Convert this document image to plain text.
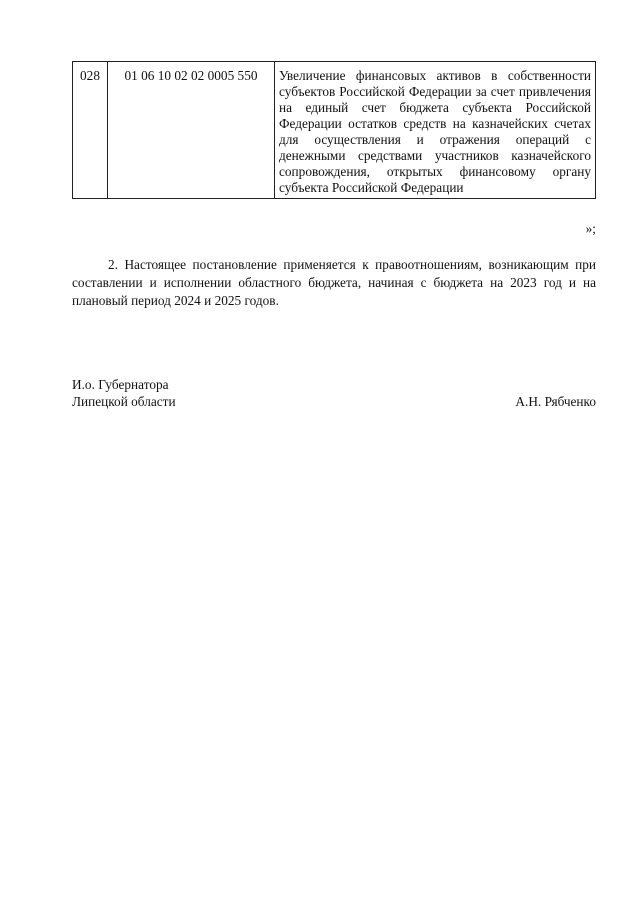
028	01 06 10 02 02 0005 550	Увеличение финансовых активов в собственности субъектов Российской Федерации за счет привлечения на единый счет бюджета субъекта Российской Федерации остатков средств на казначейских счетах для осуществления и отражения операций с денежными средствами участников казначейского сопровождения, открытых финансовому органу субъекта Российской Федерации
»;
2. Настоящее постановление применяется к правоотношениям, возникающим при составлении и исполнении областного бюджета, начиная с бюджета на 2023 год и на плановый период 2024 и 2025 годов.
И.о. Губернатора
Липецкой области	А.Н. Рябченко
